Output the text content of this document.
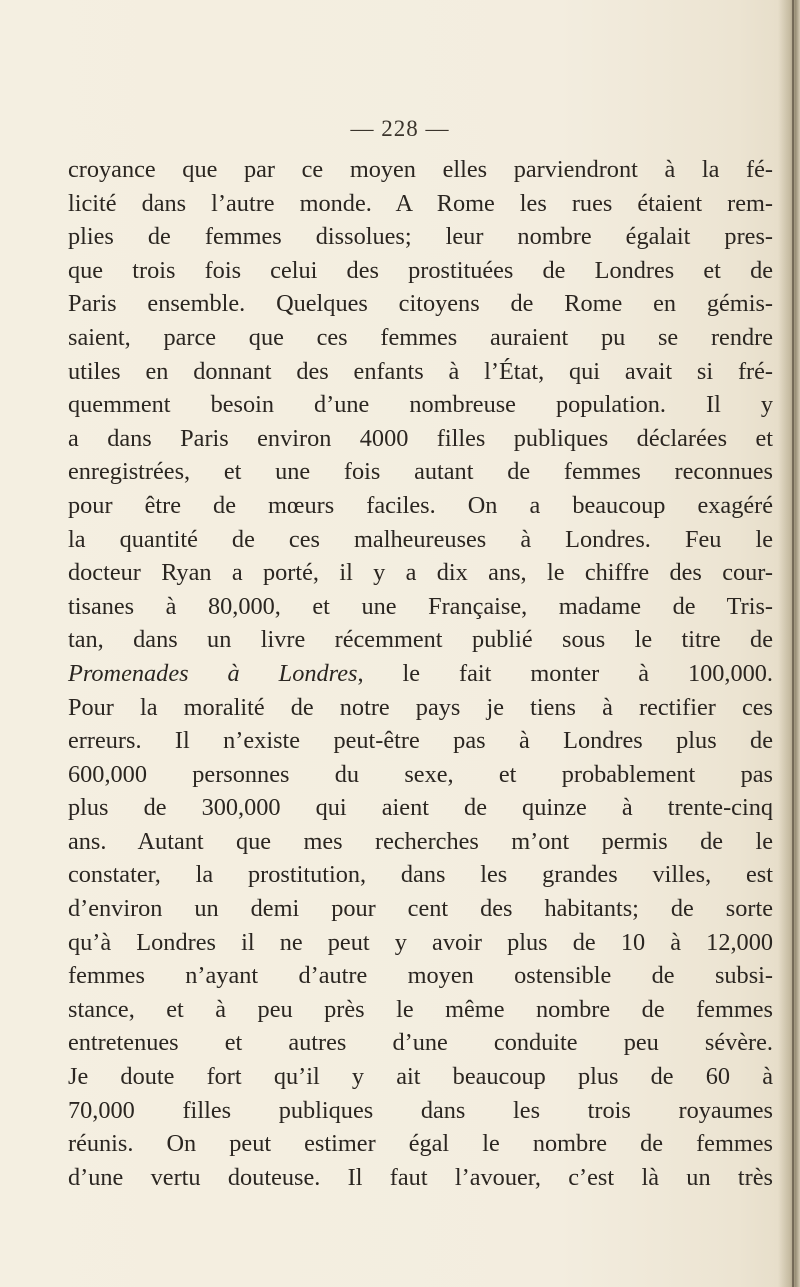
— 228 —
croyance que par ce moyen elles parviendront à la fé-
licité dans l’autre monde. A Rome les rues étaient rem-
plies de femmes dissolues; leur nombre égalait pres-
que trois fois celui des prostituées de Londres et de
Paris ensemble. Quelques citoyens de Rome en gémis-
saient, parce que ces femmes auraient pu se rendre
utiles en donnant des enfants à l’État, qui avait si fré-
quemment besoin d’une nombreuse population. Il y
a dans Paris environ 4000 filles publiques déclarées et
enregistrées, et une fois autant de femmes reconnues
pour être de mœurs faciles. On a beaucoup exagéré
la quantité de ces malheureuses à Londres. Feu le
docteur Ryan a porté, il y a dix ans, le chiffre des cour-
tisanes à 80,000, et une Française, madame de Tris-
tan, dans un livre récemment publié sous le titre de
Promenades à Londres, le fait monter à 100,000.
Pour la moralité de notre pays je tiens à rectifier ces
erreurs. Il n’existe peut-être pas à Londres plus de
600,000 personnes du sexe, et probablement pas
plus de 300,000 qui aient de quinze à trente-cinq
ans. Autant que mes recherches m’ont permis de le
constater, la prostitution, dans les grandes villes, est
d’environ un demi pour cent des habitants; de sorte
qu’à Londres il ne peut y avoir plus de 10 à 12,000
femmes n’ayant d’autre moyen ostensible de subsi-
stance, et à peu près le même nombre de femmes
entretenues et autres d’une conduite peu sévère.
Je doute fort qu’il y ait beaucoup plus de 60 à
70,000 filles publiques dans les trois royaumes
réunis. On peut estimer égal le nombre de femmes
d’une vertu douteuse. Il faut l’avouer, c’est là un très
